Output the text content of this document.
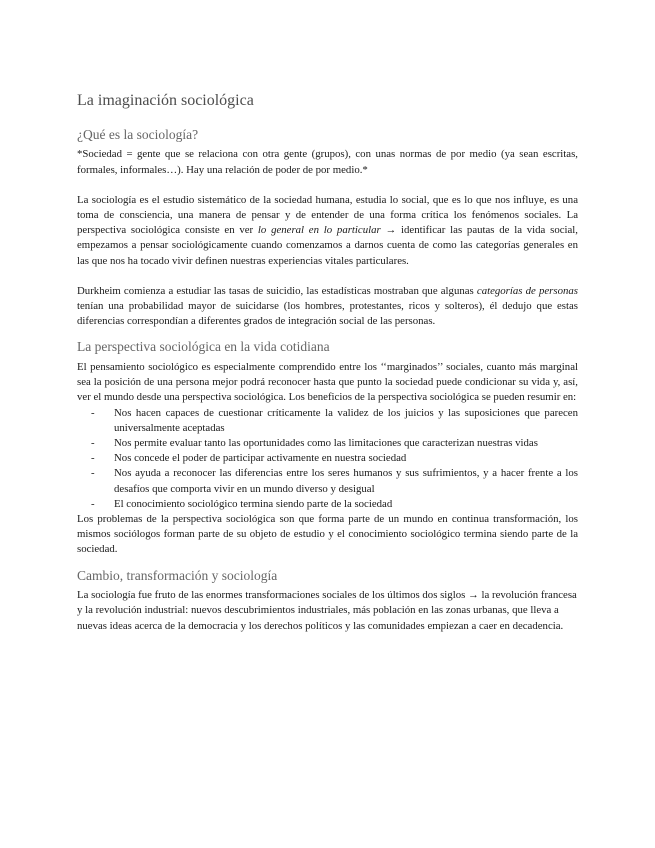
La imaginación sociológica
¿Qué es la sociología?

*Sociedad = gente que se relaciona con otra gente (grupos), con unas normas de por medio (ya sean escritas, formales, informales…). Hay una relación de poder de por medio.*

La sociología es el estudio sistemático de la sociedad humana, estudia lo social, que es lo que nos influye, es una toma de consciencia, una manera de pensar y de entender de una forma crítica los fenómenos sociales. La perspectiva sociológica consiste en ver lo general en lo particular → identificar las pautas de la vida social, empezamos a pensar sociológicamente cuando comenzamos a darnos cuenta de como las categorías generales en las que nos ha tocado vivir definen nuestras experiencias vitales particulares.

Durkheim comienza a estudiar las tasas de suicidio, las estadísticas mostraban que algunas categorías de personas tenían una probabilidad mayor de suicidarse (los hombres, protestantes, ricos y solteros), él dedujo que estas diferencias correspondían a diferentes grados de integración social de las personas.

La perspectiva sociológica en la vida cotidiana

El pensamiento sociológico es especialmente comprendido entre los ‘‘marginados’’ sociales, cuanto más marginal sea la posición de una persona mejor podrá reconocer hasta que punto la sociedad puede condicionar su vida y, así, ver el mundo desde una perspectiva sociológica. Los beneficios de la perspectiva sociológica se pueden resumir en:

- Nos hacen capaces de cuestionar críticamente la validez de los juicios y las suposiciones que parecen universalmente aceptadas
- Nos permite evaluar tanto las oportunidades como las limitaciones que caracterizan nuestras vidas
- Nos concede el poder de participar activamente en nuestra sociedad
- Nos ayuda a reconocer las diferencias entre los seres humanos y sus sufrimientos, y a hacer frente a los desafíos que comporta vivir en un mundo diverso y desigual
- El conocimiento sociológico termina siendo parte de la sociedad

Los problemas de la perspectiva sociológica son que forma parte de un mundo en continua transformación, los mismos sociólogos forman parte de su objeto de estudio y el conocimiento sociológico termina siendo parte de la sociedad.

Cambio, transformación y sociología

La sociología fue fruto de las enormes transformaciones sociales de los últimos dos siglos → la revolución francesa y la revolución industrial: nuevos descubrimientos industriales, más población en las zonas urbanas, que lleva a nuevas ideas acerca de la democracia y los derechos políticos y las comunidades empiezan a caer en decadencia.
